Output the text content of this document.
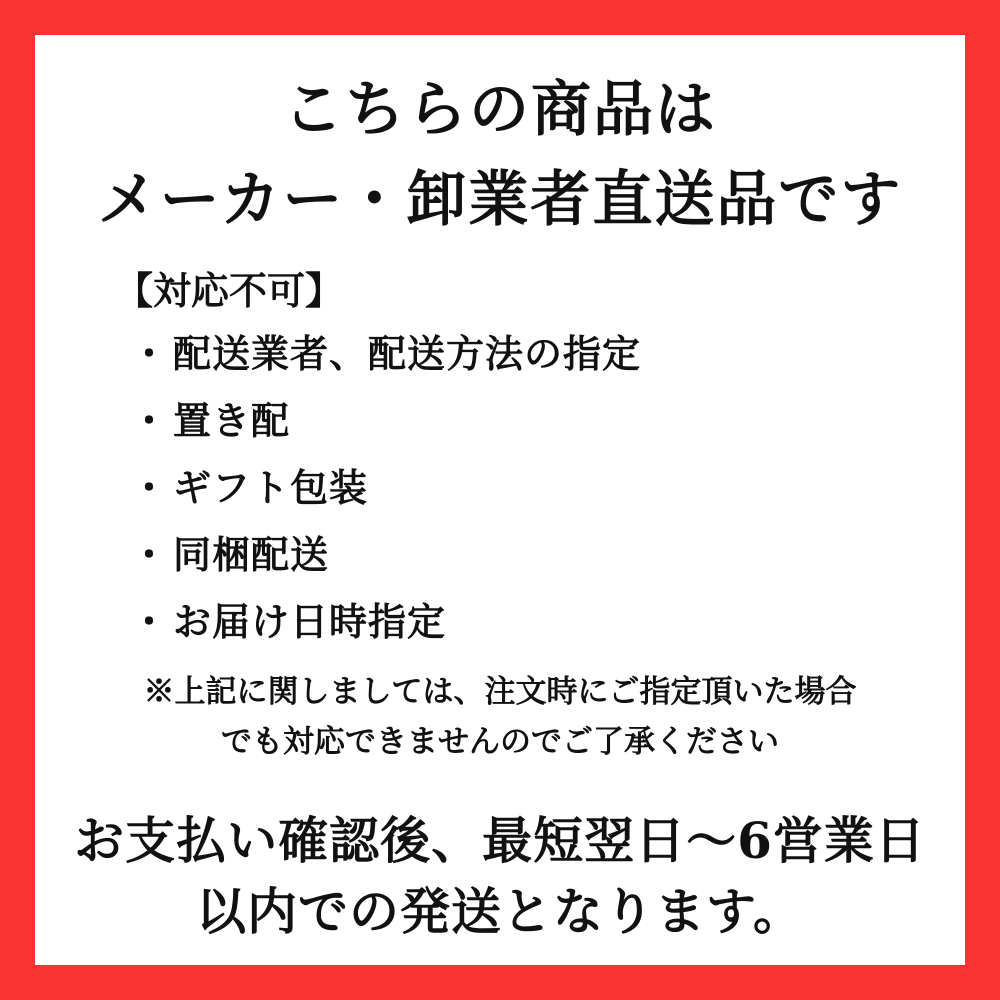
こちらの商品は
メーカー・卸業者直送品です
【対応不可】
・ 配送業者、配送方法の指定
・ 置き配
・ ギフト包装
・ 同梱配送
・ お届け日時指定
※上記に関しましては、注文時にご指定頂いた場合
でも対応できませんのでご了承ください
お支払い確認後、最短翌日～6営業日
以内での発送となります。
